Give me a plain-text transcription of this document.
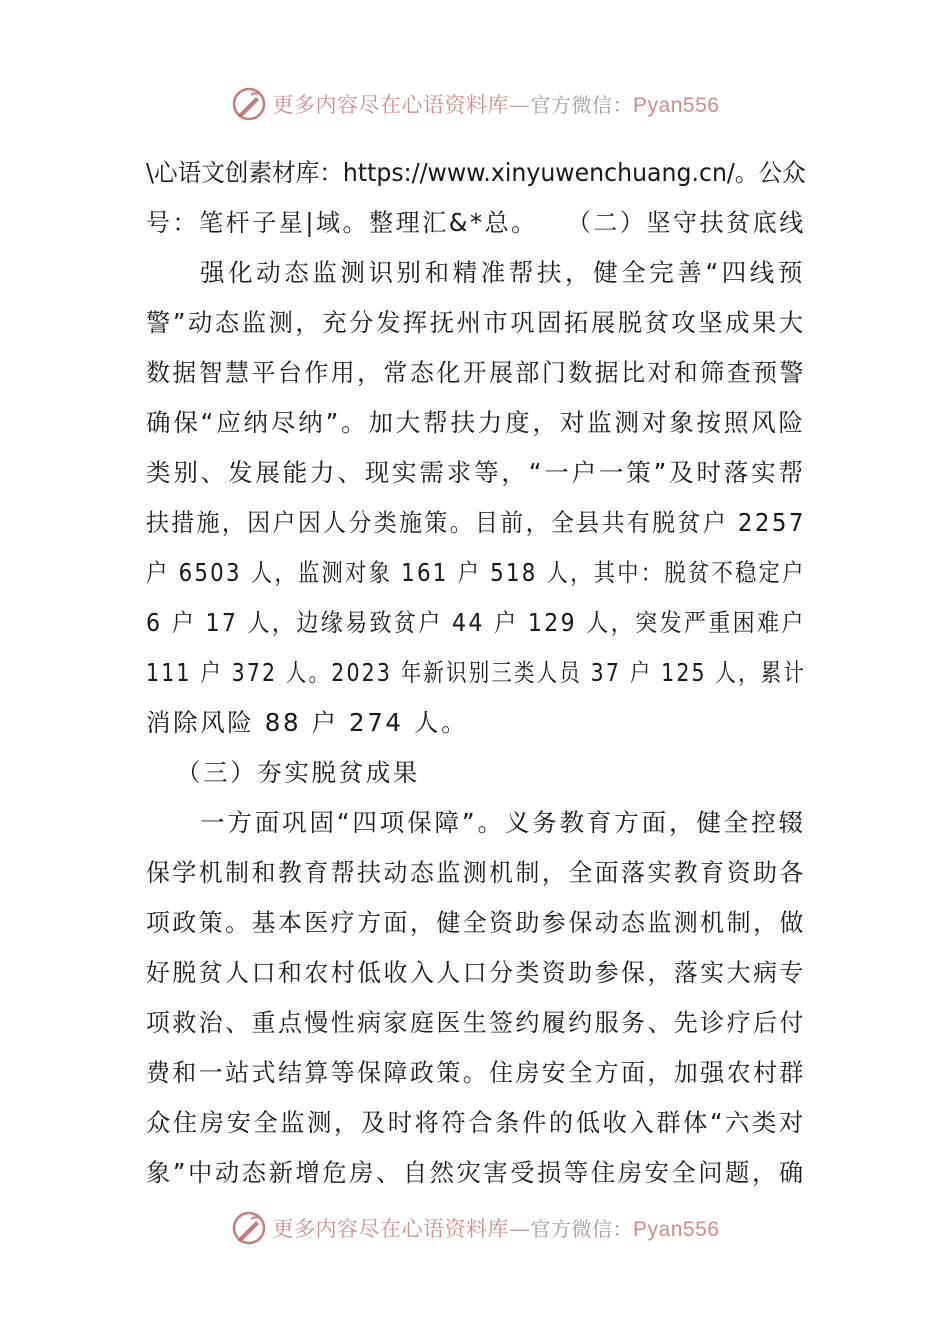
更多内容尽在心语资料库—官方微信：Pyan556
\心语文创素材库：https://www.xinyuwenchuang.cn/。公众
号：笔杆子星|域。整理汇&*总。　　（二）坚守扶贫底线
强化动态监测识别和精准帮扶，健全完善“四线预
警”动态监测，充分发挥抚州市巩固拓展脱贫攻坚成果大
数据智慧平台作用，常态化开展部门数据比对和筛查预警
确保“应纳尽纳”。加大帮扶力度，对监测对象按照风险
类别、发展能力、现实需求等，“一户一策”及时落实帮
扶措施，因户因人分类施策。目前，全县共有脱贫户 2257
户 6503 人，监测对象 161 户 518 人，其中：脱贫不稳定户
6 户 17 人，边缘易致贫户 44 户 129 人，突发严重困难户
111 户 372 人。2023 年新识别三类人员 37 户 125 人，累计
消除风险 88 户 274 人。
（三）夯实脱贫成果
一方面巩固“四项保障”。义务教育方面，健全控辍
保学机制和教育帮扶动态监测机制，全面落实教育资助各
项政策。基本医疗方面，健全资助参保动态监测机制，做
好脱贫人口和农村低收入人口分类资助参保，落实大病专
项救治、重点慢性病家庭医生签约履约服务、先诊疗后付
费和一站式结算等保障政策。住房安全方面，加强农村群
众住房安全监测，及时将符合条件的低收入群体“六类对
象”中动态新增危房、自然灾害受损等住房安全问题，确
更多内容尽在心语资料库—官方微信：Pyan556
